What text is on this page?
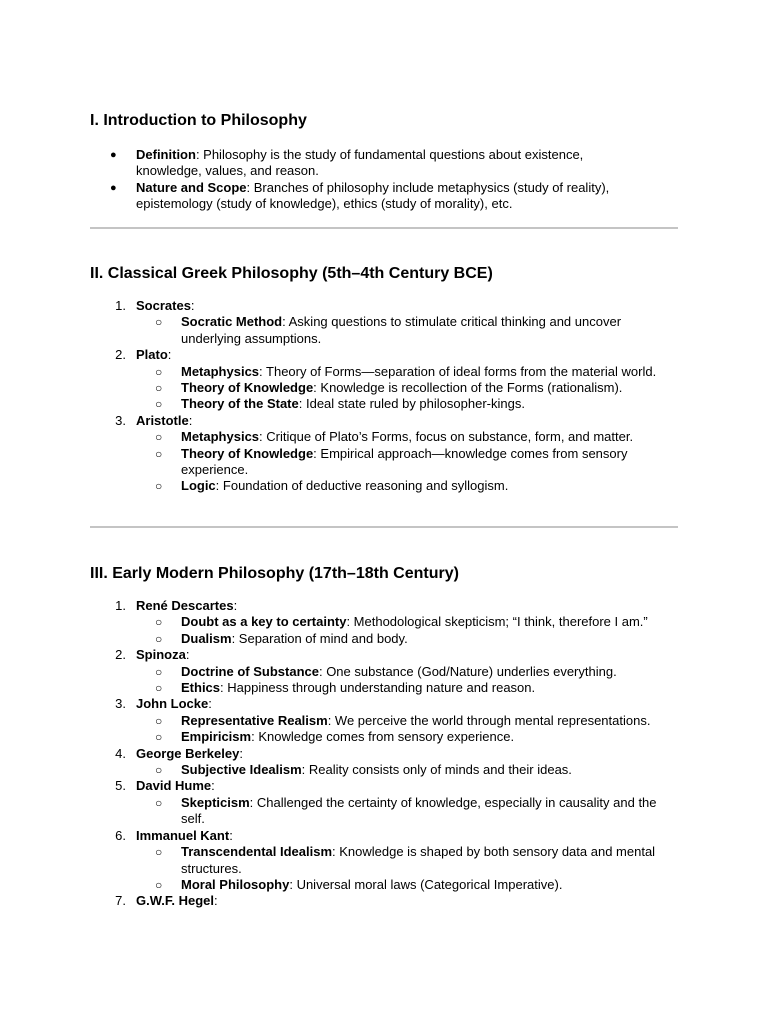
I. Introduction to Philosophy
● Definition: Philosophy is the study of fundamental questions about existence, knowledge, values, and reason.
● Nature and Scope: Branches of philosophy include metaphysics (study of reality), epistemology (study of knowledge), ethics (study of morality), etc.
II. Classical Greek Philosophy (5th–4th Century BCE)
1. Socrates:
○	Socratic Method: Asking questions to stimulate critical thinking and uncover underlying assumptions.
2. Plato:
○	Metaphysics: Theory of Forms—separation of ideal forms from the material world.
○	Theory of Knowledge: Knowledge is recollection of the Forms (rationalism).
○	Theory of the State: Ideal state ruled by philosopher-kings.
3. Aristotle:
○	Metaphysics: Critique of Plato’s Forms, focus on substance, form, and matter.
○	Theory of Knowledge: Empirical approach—knowledge comes from sensory experience.
○	Logic: Foundation of deductive reasoning and syllogism.
III. Early Modern Philosophy (17th–18th Century)
1. René Descartes:
○	Doubt as a key to certainty: Methodological skepticism; “I think, therefore I am.”
○	Dualism: Separation of mind and body.
2. Spinoza:
○	Doctrine of Substance: One substance (God/Nature) underlies everything.
○	Ethics: Happiness through understanding nature and reason.
3. John Locke:
○	Representative Realism: We perceive the world through mental representations.
○	Empiricism: Knowledge comes from sensory experience.
4. George Berkeley:
○	Subjective Idealism: Reality consists only of minds and their ideas.
5. David Hume:
○	Skepticism: Challenged the certainty of knowledge, especially in causality and the self.
6. Immanuel Kant:
○	Transcendental Idealism: Knowledge is shaped by both sensory data and mental structures.
○	Moral Philosophy: Universal moral laws (Categorical Imperative).
7. G.W.F. Hegel:
